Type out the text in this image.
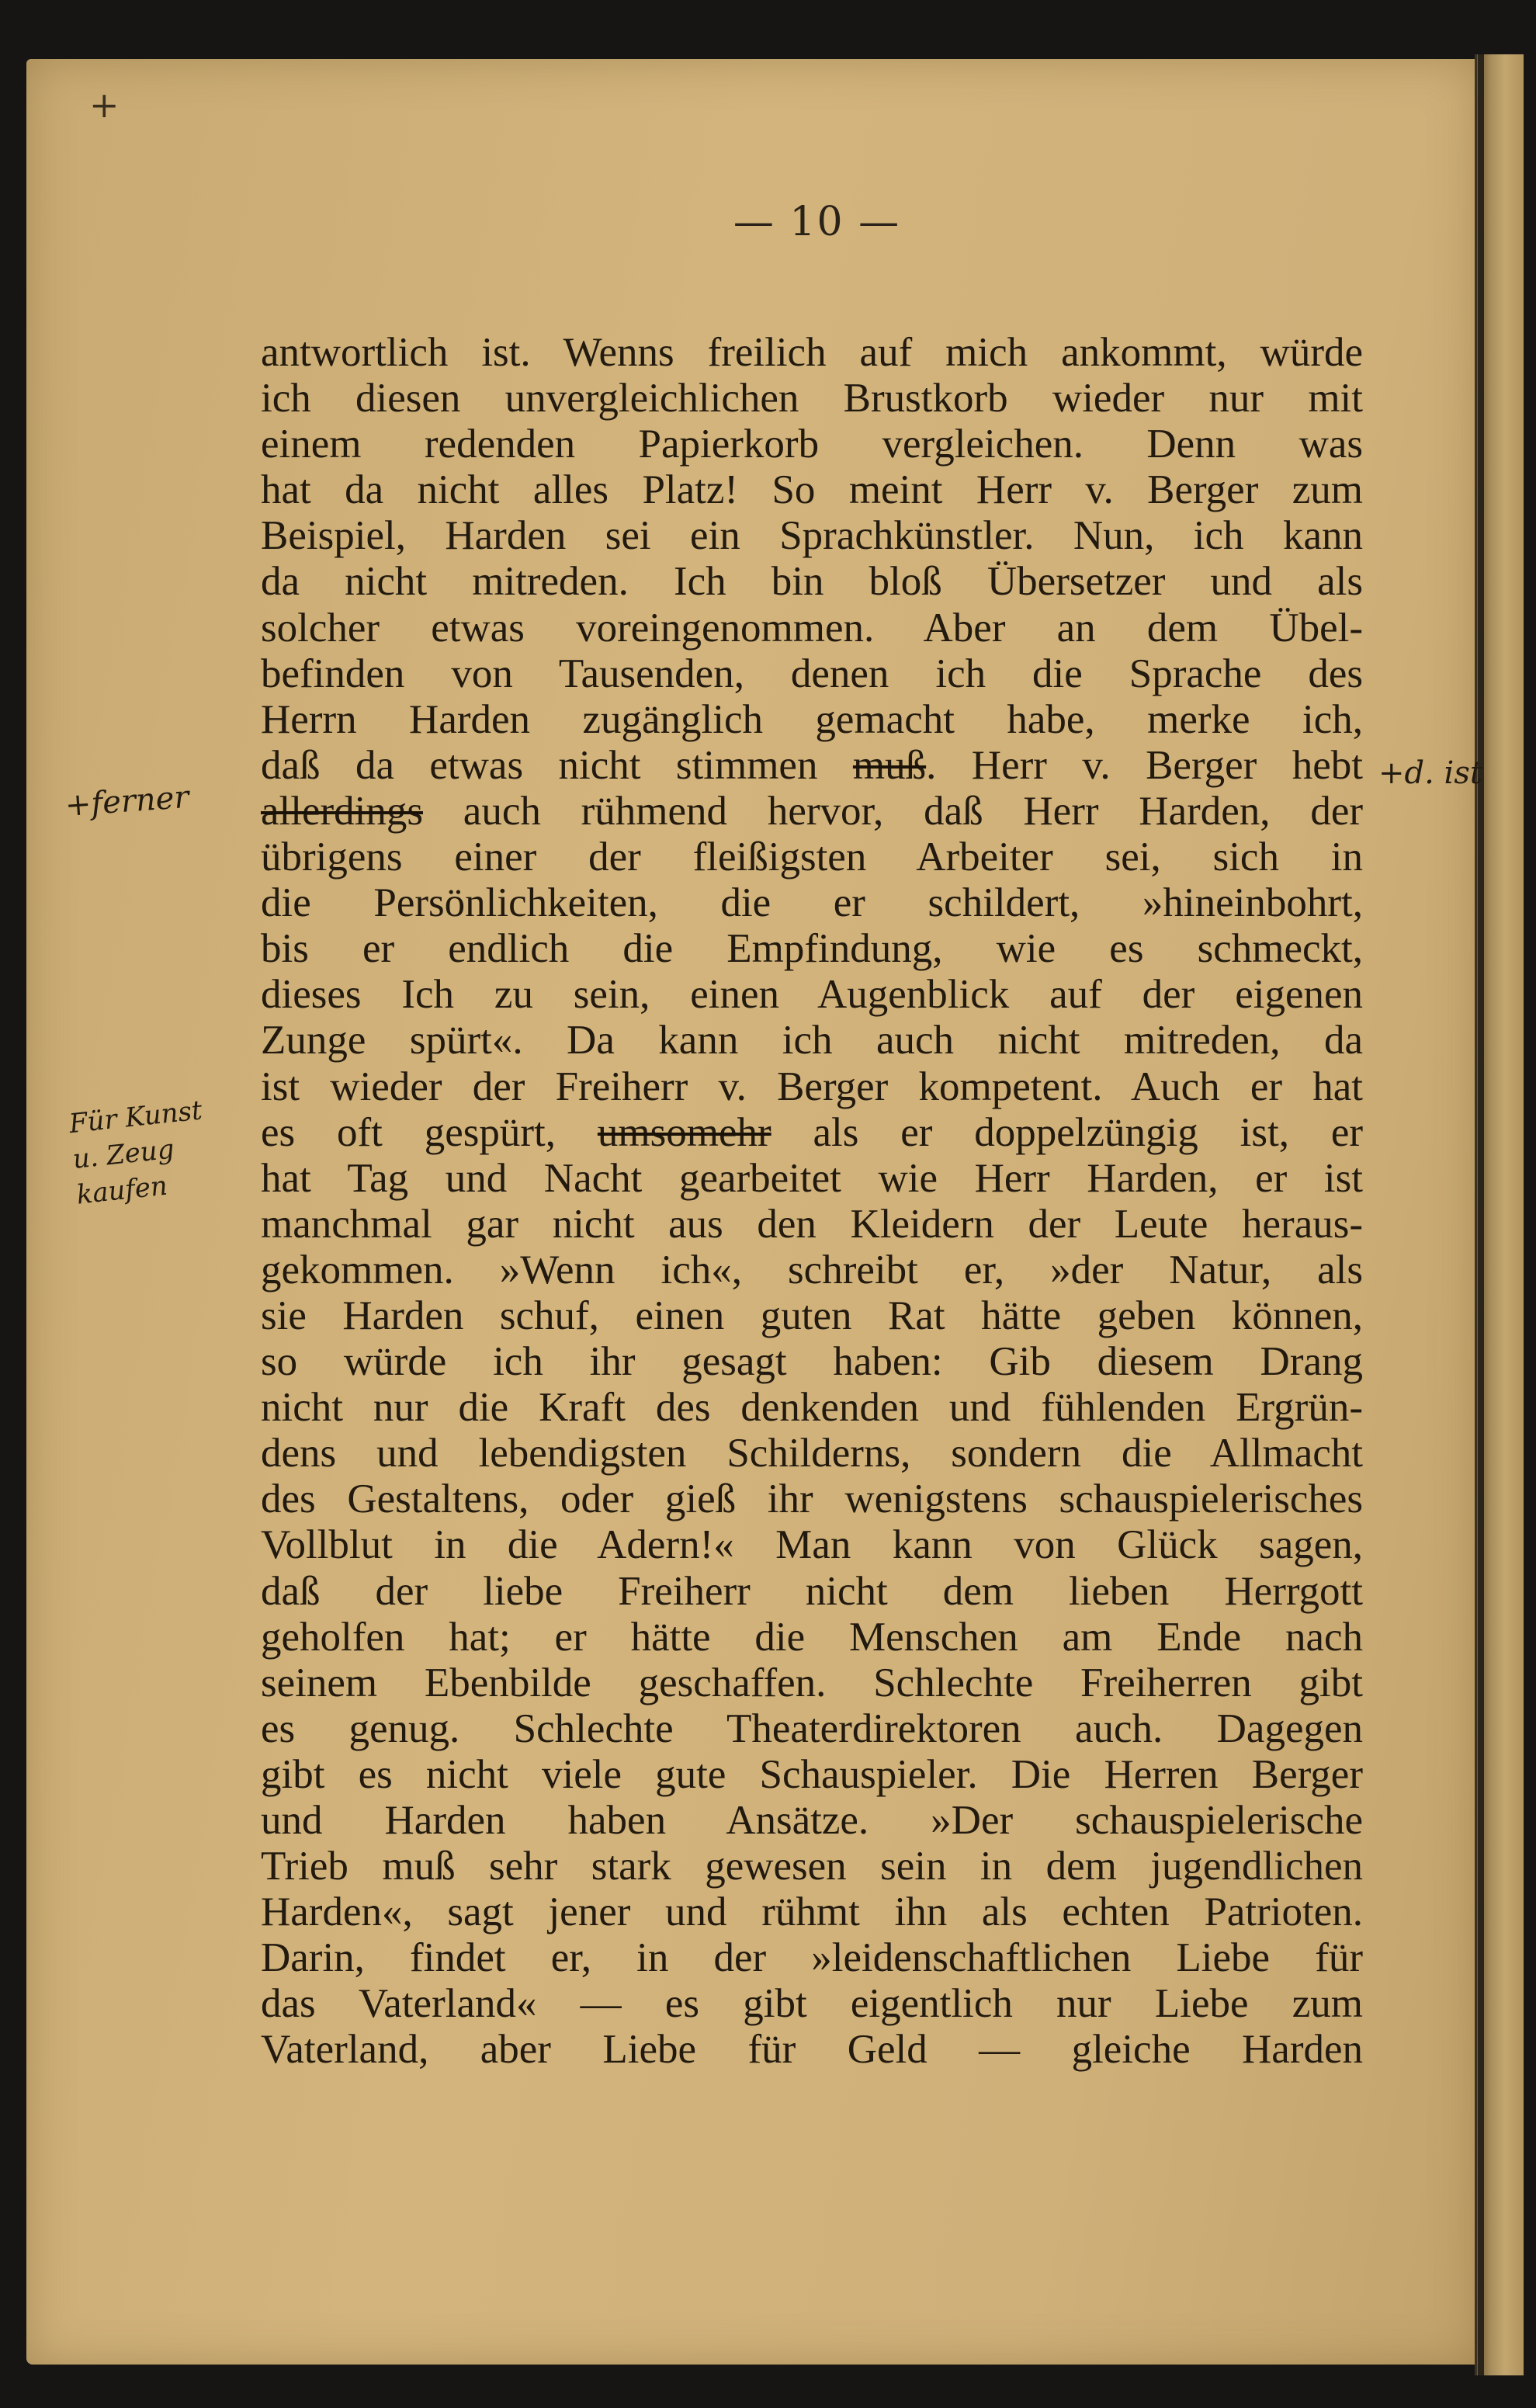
+
— 10 —
antwortlich ist. Wenns freilich auf mich ankommt, würde
ich diesen unvergleichlichen Brustkorb wieder nur mit
einem redenden Papierkorb vergleichen. Denn was
hat da nicht alles Platz! So meint Herr v. Berger zum
Beispiel, Harden sei ein Sprachkünstler. Nun, ich kann
da nicht mitreden. Ich bin bloß Übersetzer und als
solcher etwas voreingenommen. Aber an dem Übel-
befinden von Tausenden, denen ich die Sprache des
Herrn Harden zugänglich gemacht habe, merke ich,
daß da etwas nicht stimmen muß. Herr v. Berger hebt
allerdings auch rühmend hervor, daß Herr Harden, der
übrigens einer der fleißigsten Arbeiter sei, sich in
die Persönlichkeiten, die er schildert, »hineinbohrt,
bis er endlich die Empfindung, wie es schmeckt,
dieses Ich zu sein, einen Augenblick auf der eigenen
Zunge spürt«. Da kann ich auch nicht mitreden, da
ist wieder der Freiherr v. Berger kompetent. Auch er hat
es oft gespürt, umsomehr als er doppelzüngig ist, er
hat Tag und Nacht gearbeitet wie Herr Harden, er ist
manchmal gar nicht aus den Kleidern der Leute heraus-
gekommen. »Wenn ich«, schreibt er, »der Natur, als
sie Harden schuf, einen guten Rat hätte geben können,
so würde ich ihr gesagt haben: Gib diesem Drang
nicht nur die Kraft des denkenden und fühlenden Ergrün-
dens und lebendigsten Schilderns, sondern die Allmacht
des Gestaltens, oder gieß ihr wenigstens schauspielerisches
Vollblut in die Adern!« Man kann von Glück sagen,
daß der liebe Freiherr nicht dem lieben Herrgott
geholfen hat; er hätte die Menschen am Ende nach
seinem Ebenbilde geschaffen. Schlechte Freiherren gibt
es genug. Schlechte Theaterdirektoren auch. Dagegen
gibt es nicht viele gute Schauspieler. Die Herren Berger
und Harden haben Ansätze. »Der schauspielerische
Trieb muß sehr stark gewesen sein in dem jugendlichen
Harden«, sagt jener und rühmt ihn als echten Patrioten.
Darin, findet er, in der »leidenschaftlichen Liebe für
das Vaterland« — es gibt eigentlich nur Liebe zum
Vaterland, aber Liebe für Geld — gleiche Harden
+ferner
Für Kunst
u. Zeug
kaufen
+d. ist
